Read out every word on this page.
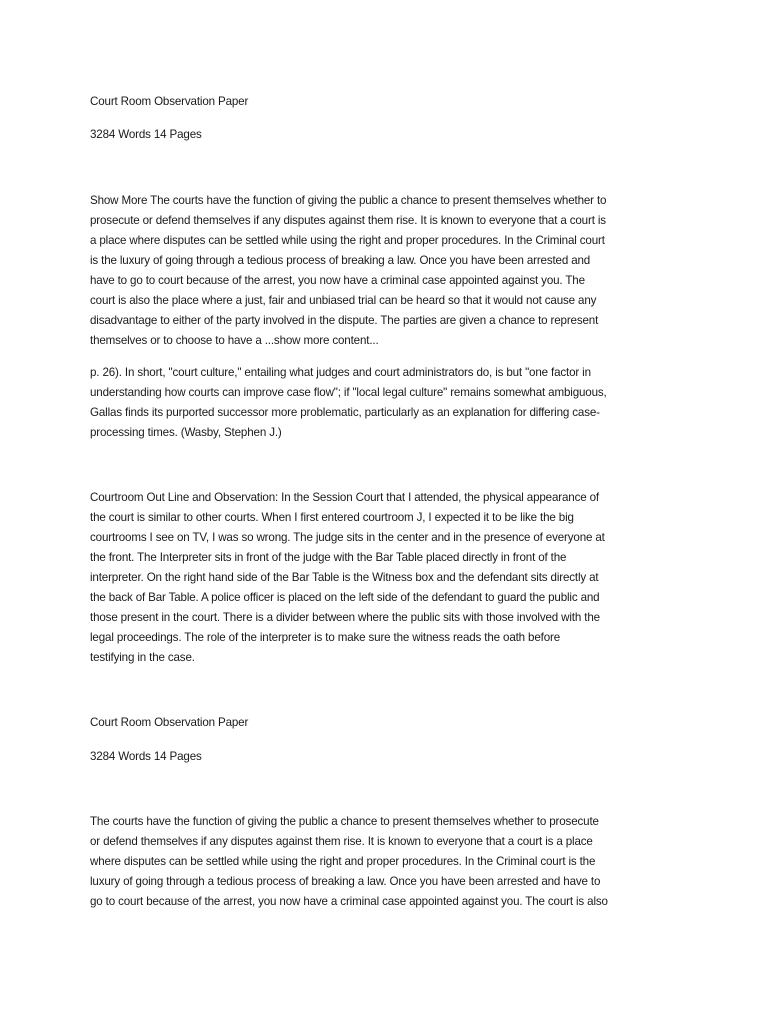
Court Room Observation Paper
3284 Words 14 Pages
Show More The courts have the function of giving the public a chance to present themselves whether to
prosecute or defend themselves if any disputes against them rise. It is known to everyone that a court is
a place where disputes can be settled while using the right and proper procedures. In the Criminal court
is the luxury of going through a tedious process of breaking a law. Once you have been arrested and
have to go to court because of the arrest, you now have a criminal case appointed against you. The
court is also the place where a just, fair and unbiased trial can be heard so that it would not cause any
disadvantage to either of the party involved in the dispute. The parties are given a chance to represent
themselves or to choose to have a ...show more content...
p. 26). In short, "court culture," entailing what judges and court administrators do, is but "one factor in
understanding how courts can improve case flow"; if "local legal culture" remains somewhat ambiguous,
Gallas finds its purported successor more problematic, particularly as an explanation for differing case-
processing times. (Wasby, Stephen J.)
Courtroom Out Line and Observation: In the Session Court that I attended, the physical appearance of
the court is similar to other courts. When I first entered courtroom J, I expected it to be like the big
courtrooms I see on TV, I was so wrong. The judge sits in the center and in the presence of everyone at
the front. The Interpreter sits in front of the judge with the Bar Table placed directly in front of the
interpreter. On the right hand side of the Bar Table is the Witness box and the defendant sits directly at
the back of Bar Table. A police officer is placed on the left side of the defendant to guard the public and
those present in the court. There is a divider between where the public sits with those involved with the
legal proceedings. The role of the interpreter is to make sure the witness reads the oath before
testifying in the case.
Court Room Observation Paper
3284 Words 14 Pages
The courts have the function of giving the public a chance to present themselves whether to prosecute
or defend themselves if any disputes against them rise. It is known to everyone that a court is a place
where disputes can be settled while using the right and proper procedures. In the Criminal court is the
luxury of going through a tedious process of breaking a law. Once you have been arrested and have to
go to court because of the arrest, you now have a criminal case appointed against you. The court is also
